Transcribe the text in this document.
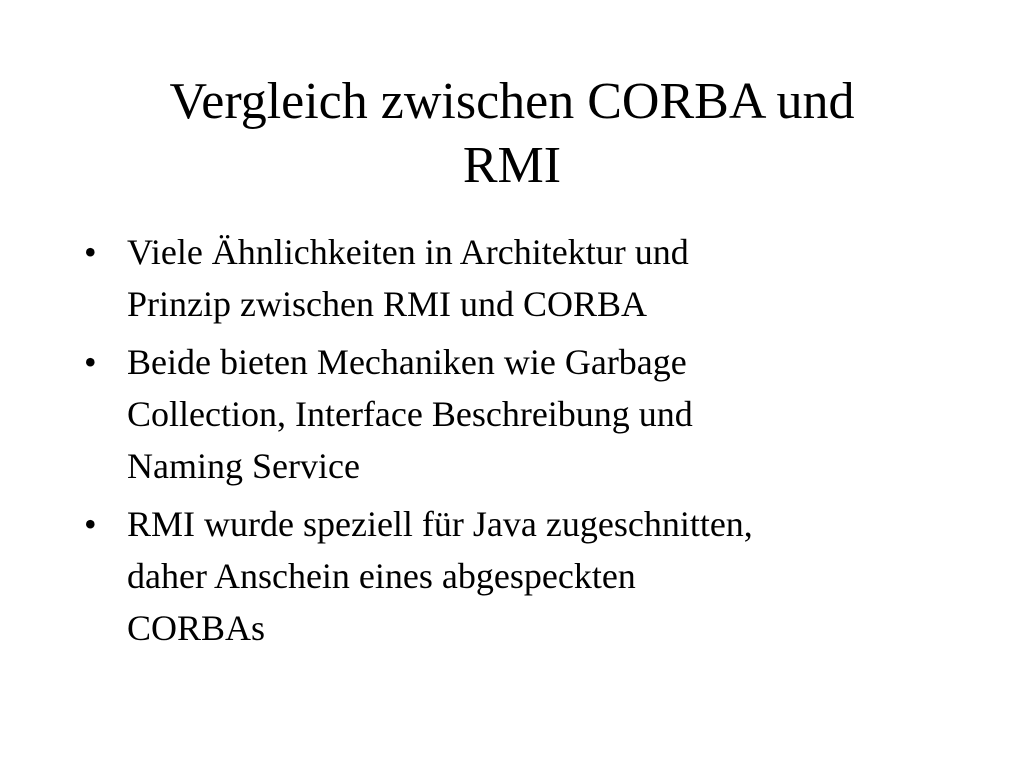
Vergleich zwischen CORBA und
RMI
• Viele Ähnlichkeiten in Architektur und
Prinzip zwischen RMI und CORBA
• Beide bieten Mechaniken wie Garbage
Collection, Interface Beschreibung und
Naming Service
• RMI wurde speziell für Java zugeschnitten,
daher Anschein eines abgespeckten
CORBAs
